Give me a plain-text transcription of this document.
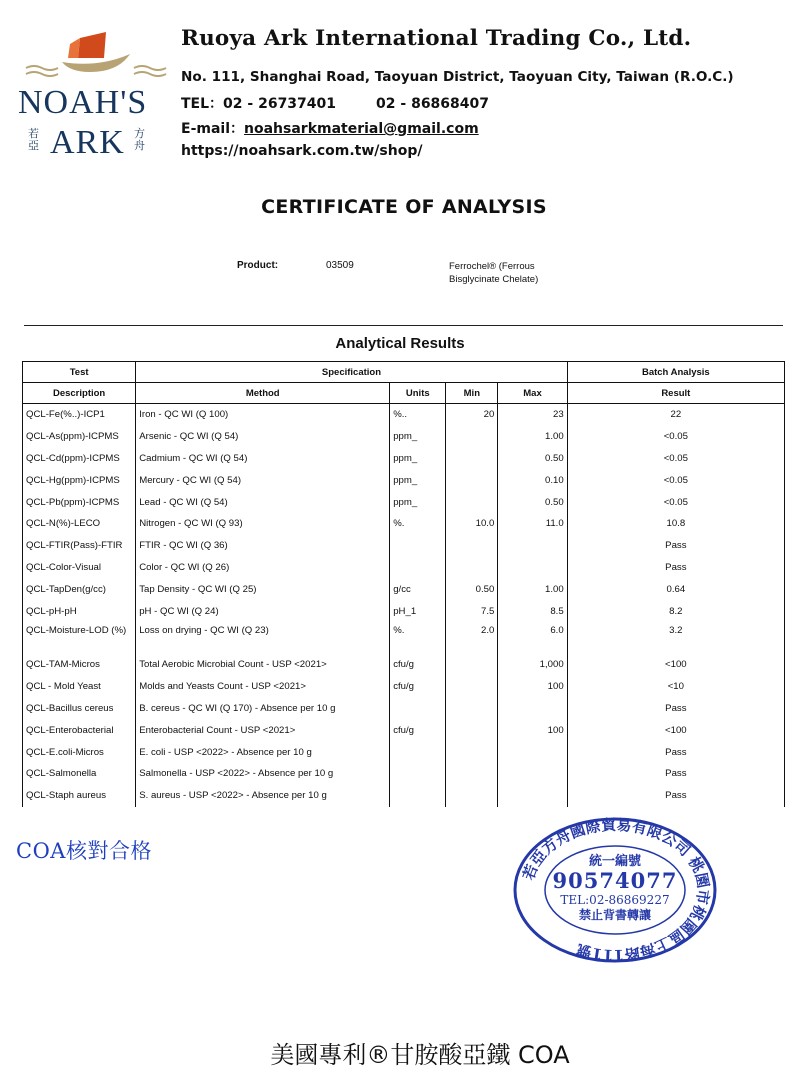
NOAH'S
若亞 ARK 方舟
Ruoya Ark International Trading Co., Ltd.
No. 111, Shanghai Road, Taoyuan District, Taoyuan City, Taiwan (R.O.C.)
TEL：02 - 26737401	02 - 86868407
E-mail：noahsarkmaterial@gmail.com
https://noahsark.com.tw/shop/
CERTIFICATE OF ANALYSIS
Product:	03509	Ferrochel® (Ferrous
Bisglycinate Chelate)
Analytical Results
Test	Specification				Batch Analysis
Description	Method	Units	Min	Max	Result
QCL-Fe(%..)-ICP1	Iron - QC WI (Q 100)	%..	20	23	22
QCL-As(ppm)-ICPMS	Arsenic - QC WI (Q 54)	ppm_		1.00	<0.05
QCL-Cd(ppm)-ICPMS	Cadmium - QC WI (Q 54)	ppm_		0.50	<0.05
QCL-Hg(ppm)-ICPMS	Mercury - QC WI (Q 54)	ppm_		0.10	<0.05
QCL-Pb(ppm)-ICPMS	Lead - QC WI (Q 54)	ppm_		0.50	<0.05
QCL-N(%)-LECO	Nitrogen - QC WI (Q 93)	%.	10.0	11.0	10.8
QCL-FTIR(Pass)-FTIR	FTIR - QC WI (Q 36)				Pass
QCL-Color-Visual	Color - QC WI (Q 26)				Pass
QCL-TapDen(g/cc)	Tap Density - QC WI (Q 25)	g/cc	0.50	1.00	0.64
QCL-pH-pH	pH - QC WI (Q 24)	pH_1	7.5	8.5	8.2
QCL-Moisture-LOD (%)	Loss on drying - QC WI (Q 23)	%.	2.0	6.0	3.2
QCL-TAM-Micros	Total Aerobic Microbial Count - USP <2021>	cfu/g		1,000	<100
QCL - Mold Yeast	Molds and Yeasts Count - USP <2021>	cfu/g		100	<10
QCL-Bacillus cereus	B. cereus - QC WI (Q 170) - Absence per 10 g				Pass
QCL-Enterobacterial	Enterobacterial Count - USP <2021>	cfu/g		100	<100
QCL-E.coli-Micros	E. coli - USP <2022> - Absence per 10 g				Pass
QCL-Salmonella	Salmonella - USP <2022> - Absence per 10 g				Pass
QCL-Staph aureus	S. aureus - USP <2022> - Absence per 10 g				Pass
COA核對合格
若亞方舟國際貿易有限公司 桃園市桃園區上海路111號
統一編號
90574077
TEL:02-86869227
禁止背書轉讓
美國專利®甘胺酸亞鐵 COA
